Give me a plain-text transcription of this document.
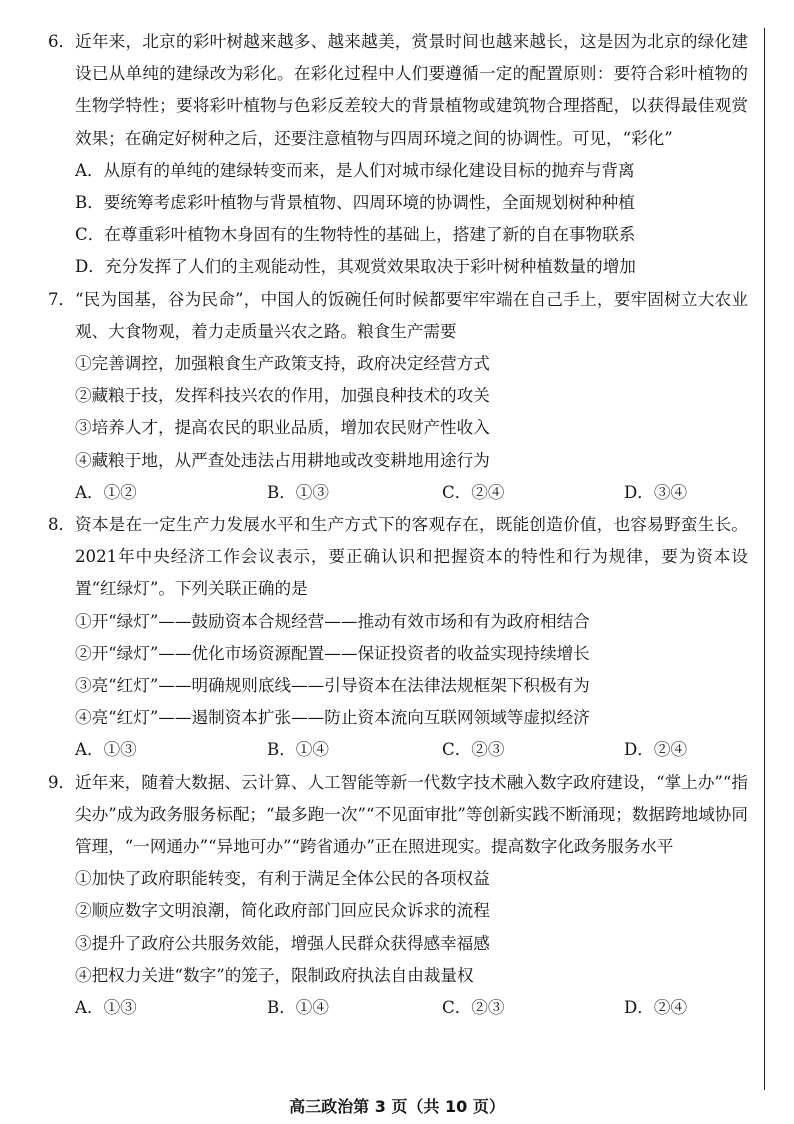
6． 近年来，北京的彩叶树越来越多、越来越美，赏景时间也越来越长，这是因为北京的绿化建设已从单纯的建绿改为彩化。在彩化过程中人们要遵循一定的配置原则：要符合彩叶植物的生物学特性；要将彩叶植物与色彩反差较大的背景植物或建筑物合理搭配，以获得最佳观赏效果；在确定好树种之后，还要注意植物与四周环境之间的协调性。可见，“彩化”
A．从原有的单纯的建绿转变而来，是人们对城市绿化建设目标的抛弃与背离
B．要统筹考虑彩叶植物与背景植物、四周环境的协调性，全面规划树种种植
C．在尊重彩叶植物木身固有的生物特性的基础上，搭建了新的自在事物联系
D．充分发挥了人们的主观能动性，其观赏效果取决于彩叶树种植数量的增加
7． “民为国基，谷为民命”，中国人的饭碗任何时候都要牢牢端在自己手上，要牢固树立大农业观、大食物观，着力走质量兴农之路。粮食生产需要
①完善调控，加强粮食生产政策支持，政府决定经营方式
②藏粮于技，发挥科技兴农的作用，加强良种技术的攻关
③培养人才，提高农民的职业品质，增加农民财产性收入
④藏粮于地，从严查处违法占用耕地或改变耕地用途行为
A．①②	B．①③	C．②④	D．③④
8． 资本是在一定生产力发展水平和生产方式下的客观存在，既能创造价值，也容易野蛮生长。2021年中央经济工作会议表示，要正确认识和把握资本的特性和行为规律，要为资本设置“红绿灯”。下列关联正确的是
①开“绿灯”——鼓励资本合规经营——推动有效市场和有为政府相结合
②开“绿灯”——优化市场资源配置——保证投资者的收益实现持续增长
③亮“红灯”——明确规则底线——引导资本在法律法规框架下积极有为
④亮“红灯”——遏制资本扩张——防止资本流向互联网领域等虚拟经济
A．①③	B．①④	C．②③	D．②④
9． 近年来，随着大数据、云计算、人工智能等新一代数字技术融入数字政府建设，“掌上办”“指尖办”成为政务服务标配；“最多跑一次”“不见面审批”等创新实践不断涌现；数据跨地域协同管理，“一网通办”“异地可办”“跨省通办”正在照进现实。提高数字化政务服务水平
①加快了政府职能转变，有利于满足全体公民的各项权益
②顺应数字文明浪潮，简化政府部门回应民众诉求的流程
③提升了政府公共服务效能，增强人民群众获得感幸福感
④把权力关进“数字”的笼子，限制政府执法自由裁量权
A．①③	B．①④	C．②③	D．②④
高三政治第 3 页（共 10 页）
